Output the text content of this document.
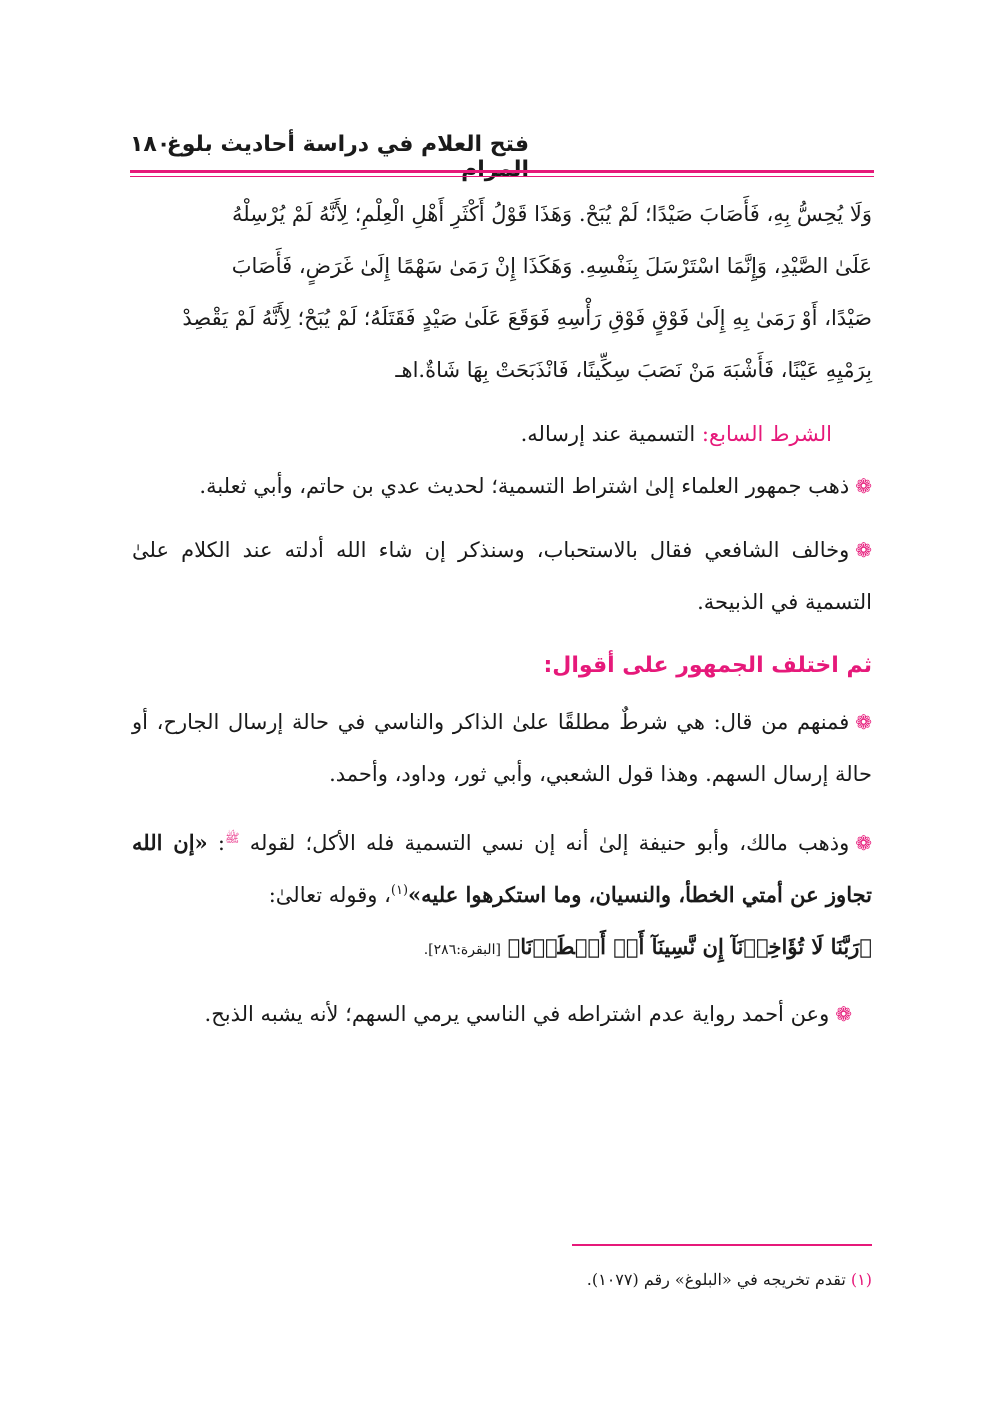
فتح العلام في دراسة أحاديث بلوغ
١٨٠

وَلَا يُحِسُّ بِهِ، فَأَصَابَ صَيْدًا؛ لَمْ يُبَحْ. وَهَذَا قَوْلُ أَكْثَرِ أَهْلِ الْعِلْمِ؛ لِأَنَّهُ لَمْ يُرْسِلْهُ

عَلَىٰ الصَّيْدِ، وَإِنَّمَا اسْتَرْسَلَ بِنَفْسِهِ. وَهَكَذَا إِنْ رَمَىٰ سَهْمًا إِلَىٰ غَرَضٍ، فَأَصَابَ

صَيْدًا، أَوْ رَمَىٰ بِهِ إِلَىٰ فَوْقٍ فَوْقِ رَأْسِهِ فَوَقَعَ عَلَىٰ صَيْدٍ فَقَتَلَهُ؛ لَمْ يُبَحْ؛ لِأَنَّهُ لَمْ يَقْصِدْ

بِرَمْيِهِ عَيْنًا، فَأَشْبَهَ مَنْ نَصَبَ سِكِّينًا، فَانْذَبَحَتْ بِهَا شَاةٌ.اهـ

الشرط السابع: التسمية عند إرساله.

❁ذهب جمهور العلماء إلىٰ اشتراط التسمية؛ لحديث عدي بن حاتم، وأبي ثعلبة.

❁وخالف الشافعي فقال بالاستحباب، وسنذكر إن شاء الله أدلته عند الكلام علىٰ التسمية في الذبيحة.

ثم اختلف الجمهور على أقوال:

❁فمنهم من قال: هي شرطٌ مطلقًا علىٰ الذاكر والناسي في حالة إرسال الجارح، أو حالة إرسال السهم. وهذا قول الشعبي، وأبي ثور، وداود، وأحمد.

❁وذهب مالك، وأبو حنيفة إلىٰ أنه إن نسي التسمية فله الأكل؛ لقوله $^ﷺ$: «إن الله تجاوز عن أمتي الخطأ، والنسيان، وما استكرهوا عليه»$^{(١)}$، وقوله تعالىٰ:
﴿رَبَّنَا لَا تُؤَاخِذۡنَآ إِن نَّسِينَآ أَوۡ أَخۡطَأۡنَا﴾ [البقرة:٢٨٦].

❁وعن أحمد رواية عدم اشتراطه في الناسي يرمي السهم؛ لأنه يشبه الذبح.

(١) تقدم تخريجه في «البلوغ» رقم (١٠٧٧).
